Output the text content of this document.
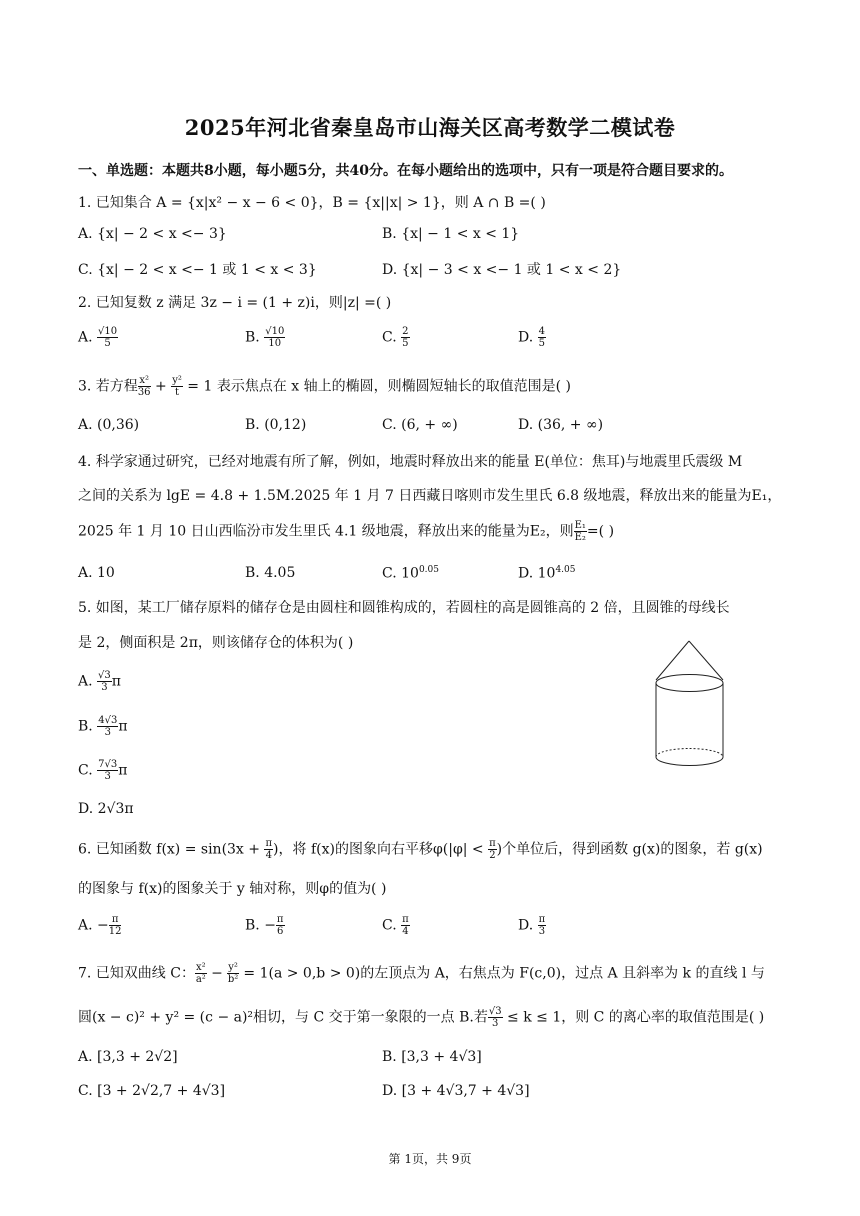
2025年河北省秦皇岛市山海关区高考数学二模试卷
一、单选题：本题共8小题，每小题5分，共40分。在每小题给出的选项中，只有一项是符合题目要求的。
1. 已知集合 A = {x|x² − x − 6 < 0}，B = {x||x| > 1}，则 A ∩ B =( )
A. {x| − 2 < x <− 3}	B. {x| − 1 < x < 1}
C. {x| − 2 < x <− 1 或 1 < x < 3}	D. {x| − 3 < x <− 1 或 1 < x < 2}
2. 已知复数 z 满足 3z − i = (1 + z)i，则|z| =( )
A. $\frac{√10}{5}$	B. $\frac{√10}{10}$	C. $\frac{2}{5}$	D. $\frac{4}{5}$
3. 若方程 $\frac{\text{x²}}{36} + \frac{\text{y²}}{t} = 1$ 表示焦点在 x 轴上的椭圆，则椭圆短轴长的取值范围是( )
A. (0,36)	B. (0,12)	C. (6, + ∞)	D. (36, + ∞)
4. 科学家通过研究，已经对地震有所了解，例如，地震时释放出来的能量 E(单位：焦耳)与地震里氏震级 M
之间的关系为 lgE = 4.8 + 1.5M.2025 年 1 月 7 日西藏日喀则市发生里氏 6.8 级地震，释放出来的能量为E₁，
2025 年 1 月 10 日山西临汾市发生里氏 4.1 级地震，释放出来的能量为E₂，则 $\frac{\text{E₁}}{\text{E₂}}$ =( )
A. 10	B. 4.05	C. $10^{0.05}$	D. $10^{4.05}$
5. 如图，某工厂储存原料的储存仓是由圆柱和圆锥构成的，若圆柱的高是圆锥高的 2 倍，且圆锥的母线长
是 2，侧面积是 2π，则该储存仓的体积为( )
A. $\frac{√3}{3}$ π
B. $\frac{4√3}{3}$ π
C. $\frac{7√3}{3}$ π
D. 2√3π
6. 已知函数 $f(x) = \sin(3x + \frac{\pi}{4}$ )，将 f(x)的图象向右平移$\varphi(|\varphi| < \frac{\pi}{2}$ )个单位后，得到函数 g(x)的图象，若 g(x)
的图象与 f(x)的图象关于 y 轴对称，则φ的值为( )
A. − $\frac{\pi}{12}$	B. − $\frac{\pi}{6}$	C. $\frac{\pi}{4}$	D. $\frac{\pi}{3}$
7. 已知双曲线 C： $\frac{\text{x²}}{\text{a²}} - \frac{\text{y²}}{\text{b²}} = 1(a > 0,b > 0)$的左顶点为 A，右焦点为 F(c,0)，过点 A 且斜率为 k 的直线 l 与
圆(x − c)² + y² = (c − a)²相切，与 C 交于第一象限的一点 B.若 $\frac{√3}{3} \le k \le 1$，则 C 的离心率的取值范围是( )
A. [3,3 + 2√2]	B. [3,3 + 4√3]
C. [3 + 2√2,7 + 4√3]	D. [3 + 4√3,7 + 4√3]
第 1页，共 9页
